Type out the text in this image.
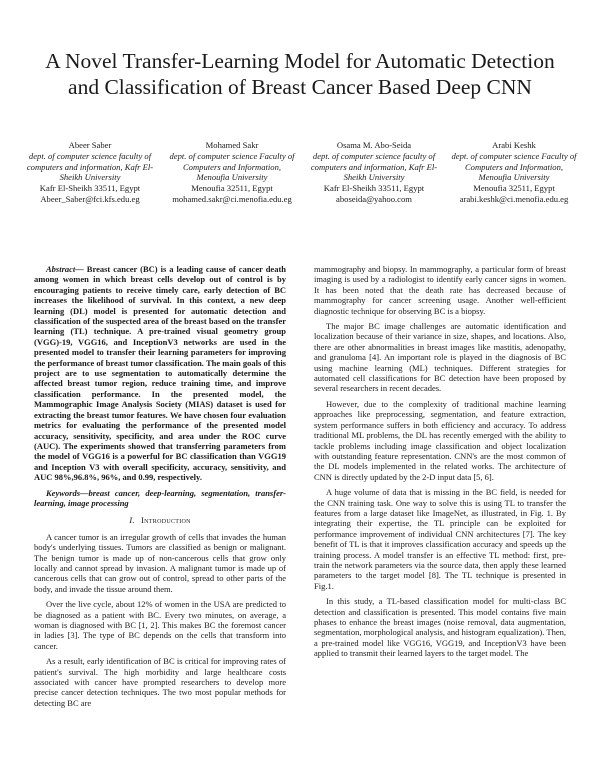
A Novel Transfer-Learning Model for Automatic Detection and Classification of Breast Cancer Based Deep CNN
Abeer Saber
dept. of computer science faculty of computers and information, Kafr El-Sheikh University
Kafr El-Sheikh 33511, Egypt
Abeer_Saber@fci.kfs.edu.eg
Mohamed Sakr
dept. of computer science Faculty of Computers and Information, Menoufia University
Menoufia 32511, Egypt
mohamed.sakr@ci.menofia.edu.eg
Osama M. Abo-Seida
dept. of computer science faculty of computers and information, Kafr El-Sheikh University
Kafr El-Sheikh 33511, Egypt
aboseida@yahoo.com
Arabi Keshk
dept. of computer science Faculty of Computers and Information, Menoufia University
Menoufia 32511, Egypt
arabi.keshk@ci.menofia.edu.eg

Abstract— Breast cancer (BC) is a leading cause of cancer death among women in which breast cells develop out of control is by encouraging patients to receive timely care, early detection of BC increases the likelihood of survival. In this context, a new deep learning (DL) model is presented for automatic detection and classification of the suspected area of the breast based on the transfer learning (TL) technique. A pre-trained visual geometry group (VGG)-19, VGG16, and InceptionV3 networks are used in the presented model to transfer their learning parameters for improving the performance of breast tumor classification. The main goals of this project are to use segmentation to automatically determine the affected breast tumor region, reduce training time, and improve classification performance. In the presented model, the Mammographic Image Analysis Society (MIAS) dataset is used for extracting the breast tumor features. We have chosen four evaluation metrics for evaluating the performance of the presented model accuracy, sensitivity, specificity, and area under the ROC curve (AUC). The experiments showed that transferring parameters from the model of VGG16 is a powerful for BC classification than VGG19 and Inception V3 with overall specificity, accuracy, sensitivity, and AUC 98%,96.8%, 96%, and 0.99, respectively.

Keywords—breast cancer, deep-learning, segmentation, transfer-learning, image processing

I. Introduction

A cancer tumor is an irregular growth of cells that invades the human body's underlying tissues. Tumors are classified as benign or malignant. The benign tumor is made up of non-cancerous cells that grow only locally and cannot spread by invasion. A malignant tumor is made up of cancerous cells that can grow out of control, spread to other parts of the body, and invade the tissue around them.

Over the live cycle, about 12% of women in the USA are predicted to be diagnosed as a patient with BC. Every two minutes, on average, a woman is diagnosed with BC [1, 2]. This makes BC the foremost cancer in ladies [3]. The type of BC depends on the cells that transform into cancer.

As a result, early identification of BC is critical for improving rates of patient's survival. The high morbidity and large healthcare costs associated with cancer have prompted researchers to develop more precise cancer detection techniques. The two most popular methods for detecting BC are

mammography and biopsy. In mammography, a particular form of breast imaging is used by a radiologist to identify early cancer signs in women. It has been noted that the death rate has decreased because of mammography for cancer screening usage. Another well-efficient diagnostic technique for observing BC is a biopsy.

The major BC image challenges are automatic identification and localization because of their variance in size, shapes, and locations. Also, there are other abnormalities in breast images like mastitis, adenopathy, and granuloma [4]. An important role is played in the diagnosis of BC using machine learning (ML) techniques. Different strategies for automated cell classifications for BC detection have been proposed by several researchers in recent decades.

However, due to the complexity of traditional machine learning approaches like preprocessing, segmentation, and feature extraction, system performance suffers in both efficiency and accuracy. To address traditional ML problems, the DL has recently emerged with the ability to tackle problems including image classification and object localization with outstanding feature representation. CNN's are the most common of the DL models implemented in the related works. The architecture of CNN is directly updated by the 2-D input data [5, 6].

A huge volume of data that is missing in the BC field, is needed for the CNN training task. One way to solve this is using TL to transfer the features from a large dataset like ImageNet, as illustrated, in Fig. 1. By integrating their expertise, the TL principle can be exploited for performance improvement of individual CNN architectures [7]. The key benefit of TL is that it improves classification accuracy and speeds up the training process. A model transfer is an effective TL method: first, pre-train the network parameters via the source data, then apply these learned parameters to the target model [8]. The TL technique is presented in Fig.1.

In this study, a TL-based classification model for multi-class BC detection and classification is presented. This model contains five main phases to enhance the breast images (noise removal, data augmentation, segmentation, morphological analysis, and histogram equalization). Then, a pre-trained model like VGG16, VGG19, and InceptionV3 have been applied to transmit their learned layers to the target model. The
